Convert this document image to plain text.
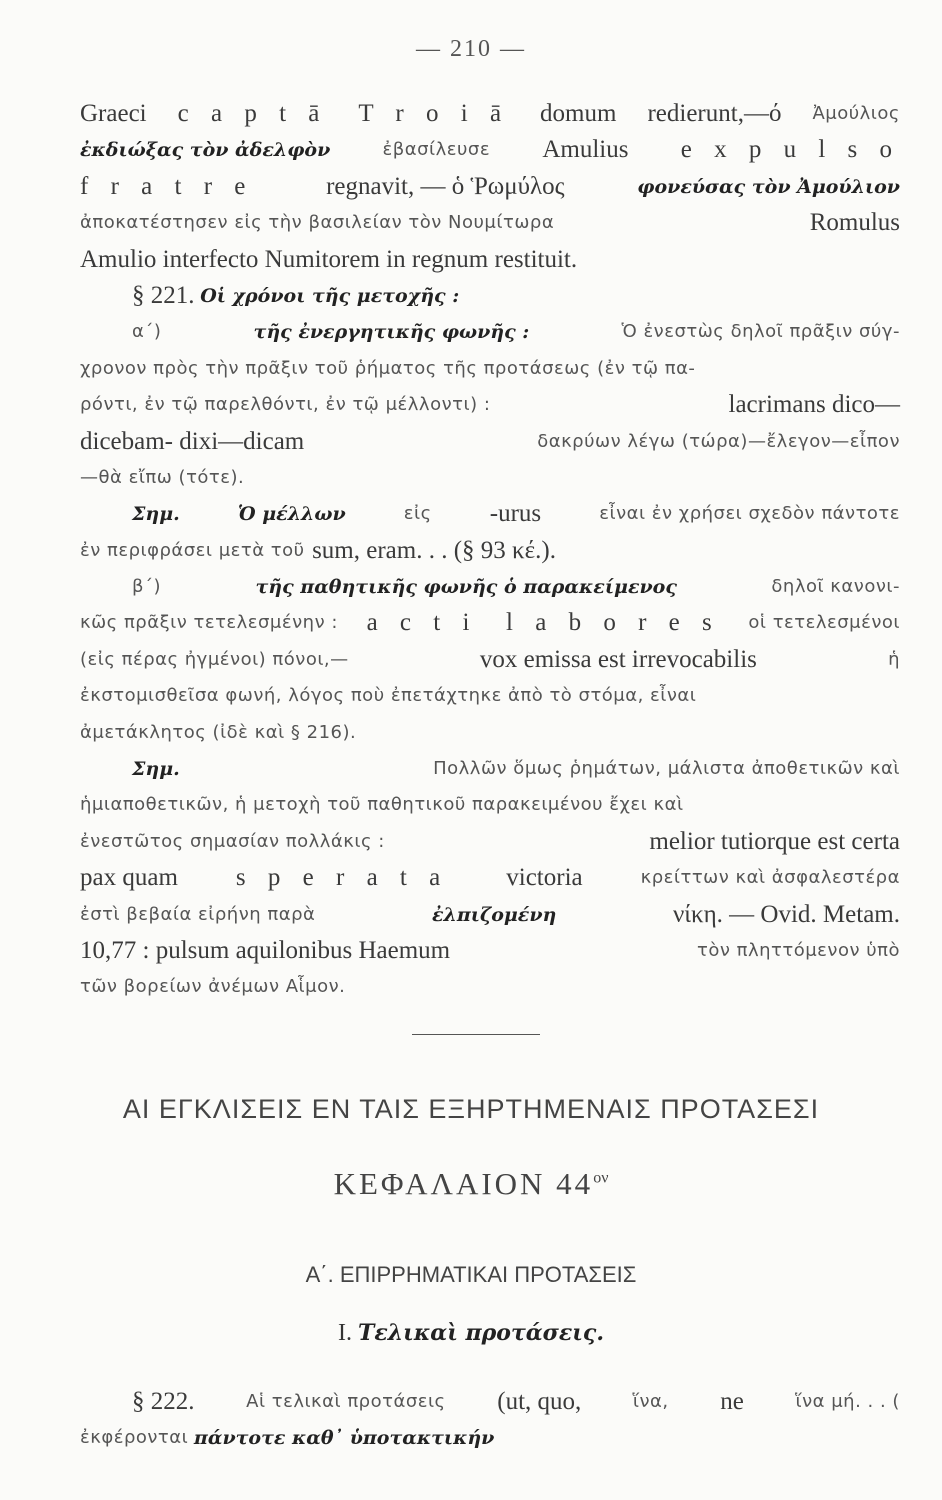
— 210 —
Graeci c a p t ā T r o i ā domum redierunt,—ό Ἀμούλιος
ἐκδιώξας τὸν ἀδελφὸν	ἐβασίλευσε Amulius e x p u l s o
f r a t r e	regnavit, — ὁ Ῥωμύλος	φονεύσας τὸν Ἀμούλιον
ἀποκατέστησεν εἰς τὴν βασιλείαν τὸν Νουμίτωρα	Romulus
Amulio interfecto Numitorem in regnum restituit.
§ 221. Οἱ χρόνοι τῆς μετοχῆς :
α΄)	τῆς ἐνεργητικῆς φωνῆς :	Ὁ ἐνεστὼς δηλοῖ πρᾶξιν σύγ-
χρονον πρὸς τὴν πρᾶξιν τοῦ ῥήματος τῆς προτάσεως (ἐν τῷ πα-
ρόντι, ἐν τῷ παρελθόντι, ἐν τῷ μέλλοντι) :	lacrimans dico—
dicebam- dixi—dicam	δακρύων λέγω (τώρα)—ἔλεγον—εἶπον
—θὰ εἴπω (τότε).
Σημ.	Ὁ μέλλων	εἰς -urus	εἶναι ἐν χρήσει σχεδὸν πάντοτε
ἐν περιφράσει μετὰ τοῦ sum, eram. . . (§ 93 κέ.).
β΄)	τῆς παθητικῆς φωνῆς ὁ παρακείμενος	δηλοῖ κανονι-
κῶς πρᾶξιν τετελεσμένην : a c t i l a b o r e s οἱ τετελεσμένοι
(εἰς πέρας ἠγμένοι) πόνοι,—	vox emissa est irrevocabilis	ἡ
ἐκστομισθεῖσα φωνή, λόγος ποὺ ἐπετάχτηκε ἀπὸ τὸ στόμα, εἶναι
ἀμετάκλητος (ἰδὲ καὶ § 216).
Σημ.	Πολλῶν ὅμως ῥημάτων, μάλιστα ἀποθετικῶν καὶ
ἡμιαποθετικῶν, ἡ μετοχὴ τοῦ παθητικοῦ παρακειμένου ἔχει καὶ
ἐνεστῶτος σημασίαν πολλάκις :	melior tutiorque est certa
pax quam s p e r a t a victoria	κρείττων καὶ ἀσφαλεστέρα
ἐστὶ βεβαία εἰρήνη παρὰ	ἐλπιζομένη	νίκη. — Ovid. Metam.
10,77 : pulsum aquilonibus Haemum	τὸν πληττόμενον ὑπὸ
τῶν βορείων ἀνέμων Αἷμον.
ΑΙ ΕΓΚΛΙΣΕΙΣ ΕΝ ΤΑΙΣ ΕΞΗΡΤΗΜΕΝΑΙΣ ΠΡΟΤΑΣΕΣΙ
ΚΕΦΑΛΑΙΟΝ $44^{o\nu}$
Α΄. ΕΠΙΡΡΗΜΑΤΙΚΑΙ ΠΡΟΤΑΣΕΙΣ
Ι. Τελικαὶ προτάσεις.
§ 222.	Αἱ τελικαὶ προτάσεις (ut, quo,	ἵνα, ne	ἵνα μή. . . (
ἐκφέρονται πάντοτε καθ᾿ ὑποτακτικήν
